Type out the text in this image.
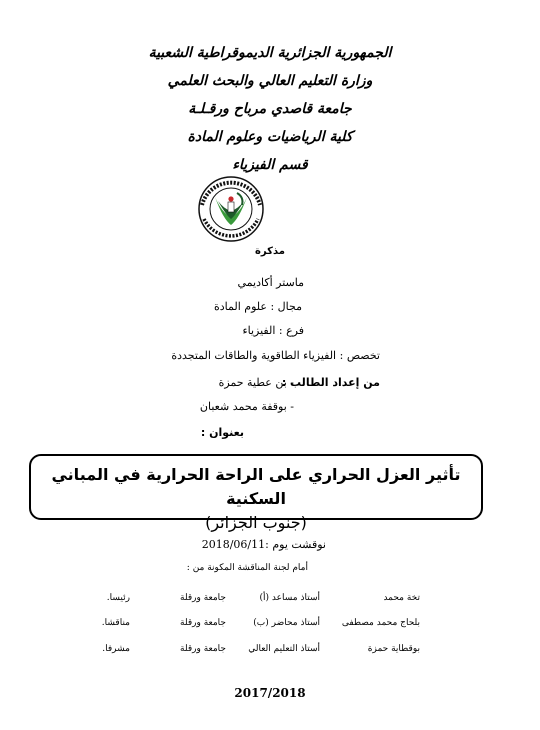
الجمهورية الجزائرية الديموقراطية الشعبية
وزارة التعليم العالي والبحث العلمي
جامعة قاصدي مرباح ورقـلـة
كلية الرياضيات وعلوم المادة
قسم الفيزياء
مذكرة
ماستر أكاديمي
مجال : علوم المادة
فرع : الفيزياء
تخصص : الفيزياء الطاقوية والطاقات المتجددة
من إعداد الطالب :
- بن عطية حمزة
- بوقفة محمد شعبان
بعنوان :
تأثير العزل الحراري على الراحة الحرارية في المباني السكنية
(جنوب الجزائر)
نوقشت يوم :2018/06/11
أمام لجنة المناقشة المكونة من :
تخة محمد
أستاذ مساعد (أ)
جامعة ورقلة
رئيسا.
بلحاج محمد مصطفى
أستاذ محاضر (ب)
جامعة ورقلة
مناقشا.
بوقطاية حمزة
أستاذ التعليم العالي
جامعة ورقلة
مشرفا.
2017/2018
